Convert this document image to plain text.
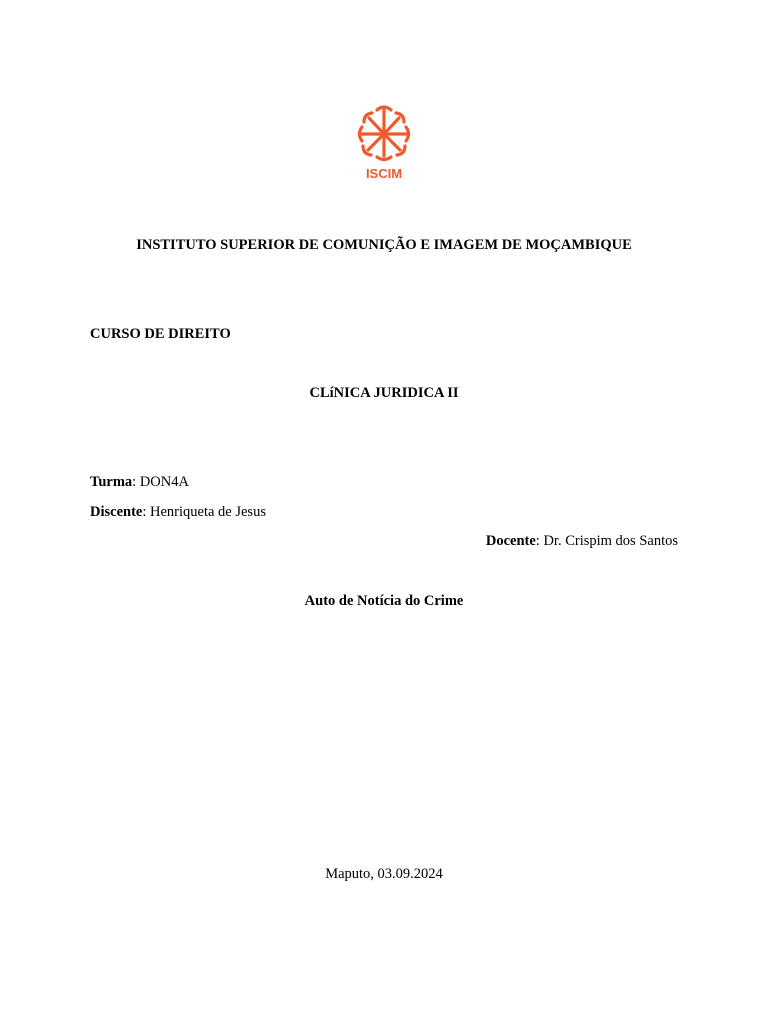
ISCIM
INSTITUTO SUPERIOR DE COMUNIÇÃO E IMAGEM DE MOÇAMBIQUE
CURSO DE DIREITO
CLíNICA JURIDICA II
Turma: DON4A
Discente: Henriqueta de Jesus
Docente: Dr. Crispim dos Santos
Auto de Notícia do Crime
Maputo, 03.09.2024
